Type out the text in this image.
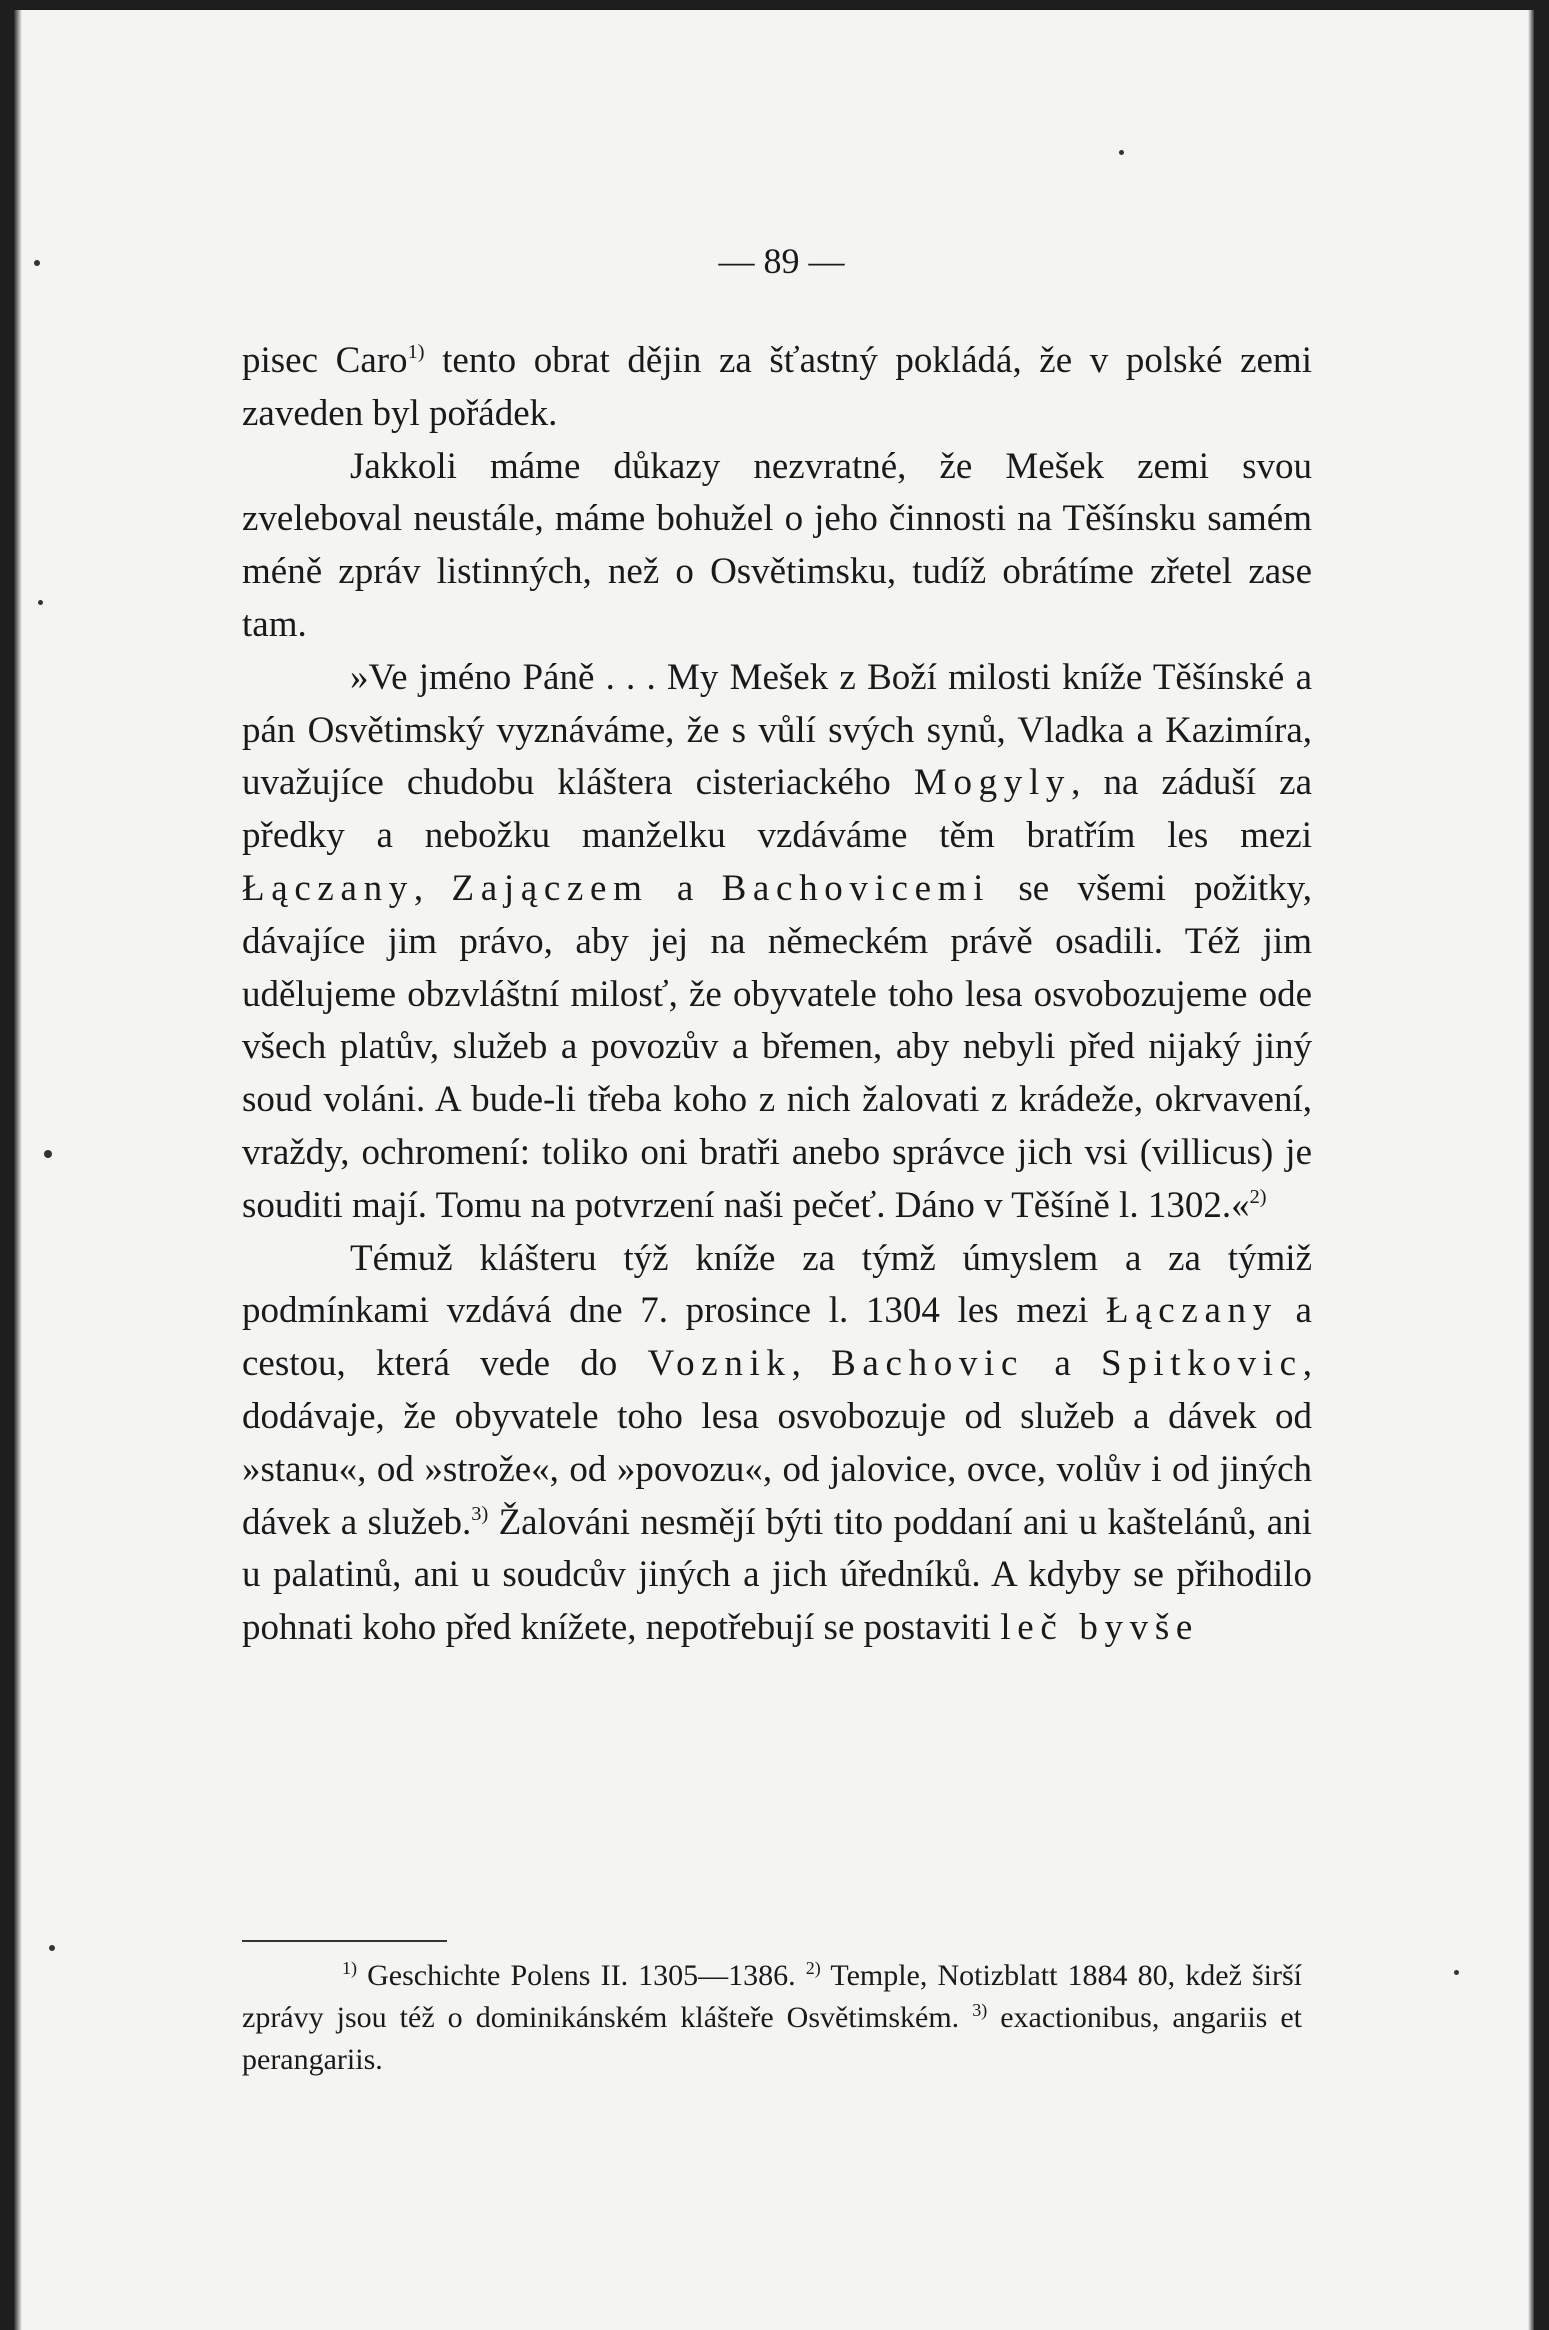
— 89 —

pisec Caro$^{1)}$ tento obrat dějin za šťastný pokládá, že v polské zemi zaveden byl pořádek.

Jakkoli máme důkazy nezvratné, že Mešek zemi svou zveleboval neustále, máme bohužel o jeho činnosti na Těšínsku samém méně zpráv listinných, než o Osvětimsku, tudíž obrátíme zřetel zase tam.

»Ve jméno Páně . . . My Mešek z Boží milosti kníže Těšínské a pán Osvětimský vyznáváme, že s vůlí svých synů, Vladka a Kazimíra, uvažujíce chudobu kláštera cisteriackého Mogyly, na záduší za předky a nebožku manželku vzdáváme těm bratřím les mezi Łączany, Zajączem a Bachovicemi se všemi požitky, dávajíce jim právo, aby jej na německém právě osadili. Též jim udělujeme obzvláštní milosť, že obyvatele toho lesa osvobozujeme ode všech platův, služeb a povozův a břemen, aby nebyli před nijaký jiný soud voláni. A bude-li třeba koho z nich žalovati z krádeže, okrvavení, vraždy, ochromení: toliko oni bratři anebo správce jich vsi (villicus) je souditi mají. Tomu na potvrzení naši pečeť. Dáno v Těšíně l. 1302.«$^{2)}$

Témuž klášteru týž kníže za týmž úmyslem a za týmiž podmínkami vzdává dne 7. prosince l. 1304 les mezi Łączany a cestou, která vede do Voznik, Bachovic a Spitkovic, dodávaje, že obyvatele toho lesa osvobozuje od služeb a dávek od »stanu«, od »strože«, od »povozu«, od jalovice, ovce, volův i od jiných dávek a služeb.$^{3)}$ Žalováni nesmějí býti tito poddaní ani u kaštelánů, ani u palatinů, ani u soudcův jiných a jich úředníků. A kdyby se přihodilo pohnati koho před knížete, nepotřebují se postaviti leč byvše

$^{1)}$ Geschichte Polens II. 1305—1386. $^{2)}$ Temple, Notizblatt 1884 80, kdež širší zprávy jsou též o dominikánském klášteře Osvětimském. $^{3)}$ exactionibus, angariis et perangariis.
